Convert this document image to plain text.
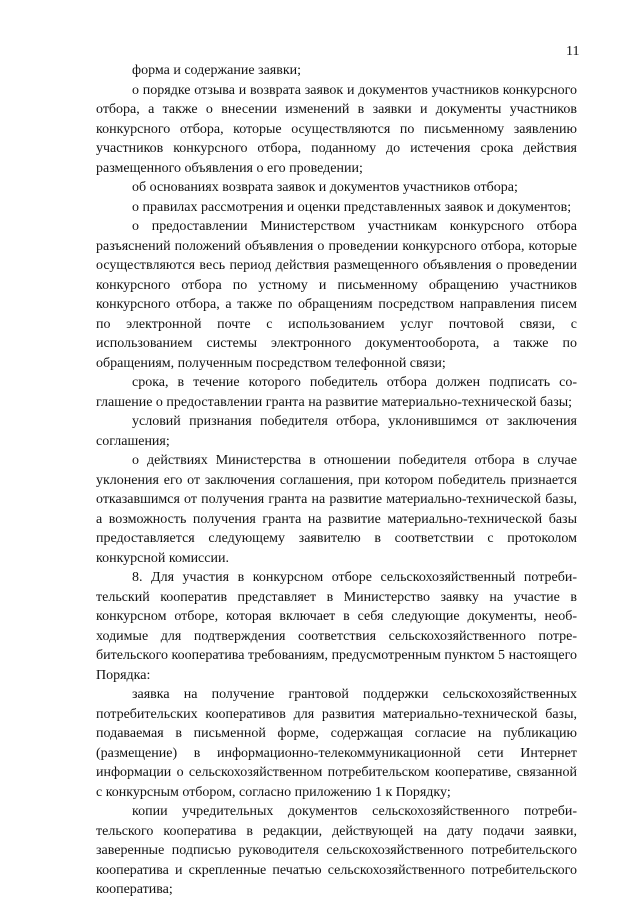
11

форма и содержание заявки;

о порядке отзыва и возврата заявок и документов участников конкурсного отбора, а также о внесении изменений в заявки и документы участников конкурсного отбора, которые осуществляются по письменному заявлению участников конкурсного отбора, поданному до истечения срока действия размещенного объявления о его проведении;

об основаниях возврата заявок и документов участников отбора;

о правилах рассмотрения и оценки представленных заявок и документов;

о предоставлении Министерством участникам конкурсного отбора разъяснений положений объявления о проведении конкурсного отбора, которые осуществляются весь период действия размещенного объявления о проведении конкурсного отбора по устному и письменному обращению участников конкурсного отбора, а также по обращениям посредством направления писем по электронной почте с использованием услуг почтовой связи, с использованием системы электронного документооборота, а также по обращениям, полученным посредством телефонной связи;

срока, в течение которого победитель отбора должен подписать соглашение о предоставлении гранта на развитие материально-технической базы;

условий признания победителя отбора, уклонившимся от заключения соглашения;

о действиях Министерства в отношении победителя отбора в случае уклонения его от заключения соглашения, при котором победитель признается отказавшимся от получения гранта на развитие материально-технической базы, а возможность получения гранта на развитие материально-технической базы предоставляется следующему заявителю в соответствии с протоколом конкурсной комиссии.

8. Для участия в конкурсном отборе сельскохозяйственный потребительский кооператив представляет в Министерство заявку на участие в конкурсном отборе, которая включает в себя следующие документы, необходимые для подтверждения соответствия сельскохозяйственного потребительского кооператива требованиям, предусмотренным пунктом 5 настоящего Порядка:

заявка на получение грантовой поддержки сельскохозяйственных потребительских кооперативов для развития материально-технической базы, подаваемая в письменной форме, содержащая согласие на публикацию (размещение) в информационно-телекоммуникационной сети Интернет информации о сельскохозяйственном потребительском кооперативе, связанной с конкурсным отбором, согласно приложению 1 к Порядку;

копии учредительных документов сельскохозяйственного потребительского кооператива в редакции, действующей на дату подачи заявки, заверенные подписью руководителя сельскохозяйственного потребительского кооператива и скрепленные печатью сельскохозяйственного потребительского кооператива;
